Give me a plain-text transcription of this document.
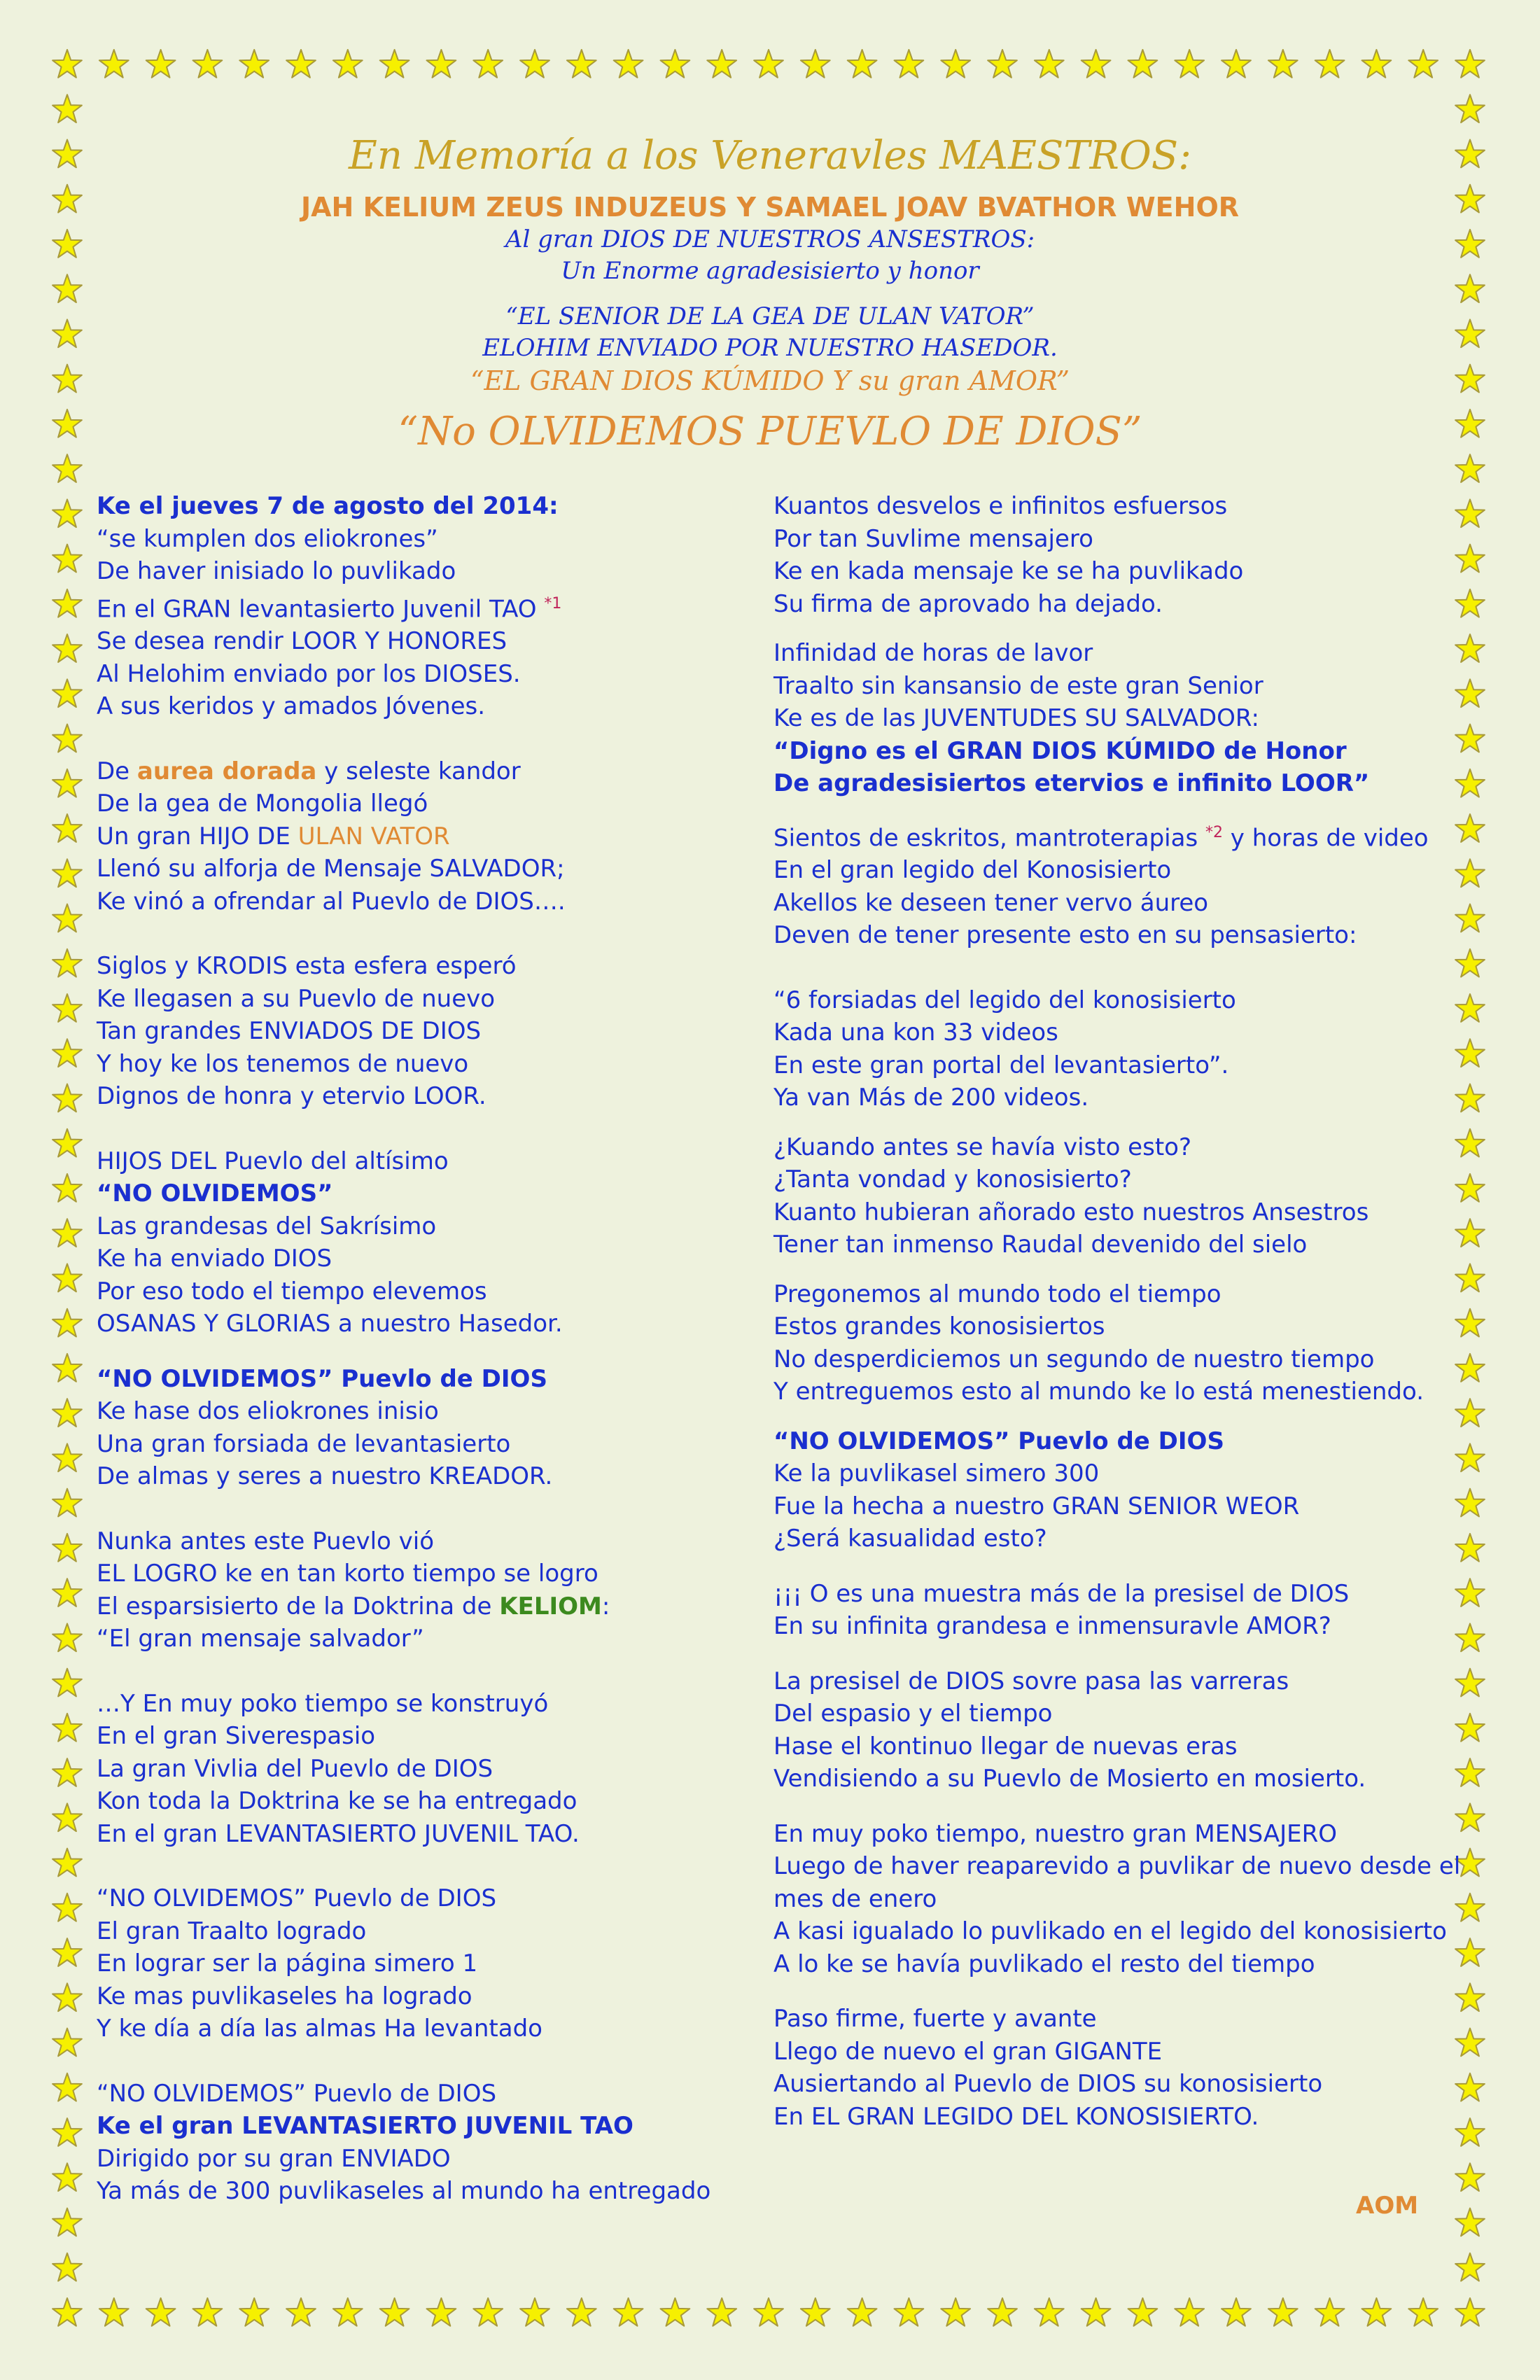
En Memoría a los Veneravles MAESTROS:
JAH KELIUM ZEUS INDUZEUS Y SAMAEL JOAV BVATHOR WEHOR
Al gran DIOS DE NUESTROS ANSESTROS:
Un Enorme agradesisierto y honor
“EL SENIOR DE LA GEA DE ULAN VATOR”
ELOHIM ENVIADO POR NUESTRO HASEDOR.
“EL GRAN DIOS KÚMIDO Y su gran AMOR”
“No OLVIDEMOS PUEVLO DE DIOS”

Ke el jueves 7 de agosto del 2014:

“se kumplen dos eliokrones”

De haver inisiado lo puvlikado

En el GRAN levantasierto Juvenil TAO $^{*1}$

Se desea rendir LOOR Y HONORES

Al Helohim enviado por los DIOSES.

A sus keridos y amados Jóvenes.

De aurea dorada y seleste kandor

De la gea de Mongolia llegó

Un gran HIJO DE ULAN VATOR

Llenó su alforja de Mensaje SALVADOR;

Ke vinó a ofrendar al Puevlo de DIOS….

Siglos y KRODIS esta esfera esperó

Ke llegasen a su Puevlo de nuevo

Tan grandes ENVIADOS DE DIOS

Y hoy ke los tenemos de nuevo

Dignos de honra y etervio LOOR.

HIJOS DEL Puevlo del altísimo

“NO OLVIDEMOS”

Las grandesas del Sakrísimo

Ke ha enviado DIOS

Por eso todo el tiempo elevemos

OSANAS Y GLORIAS a nuestro Hasedor.

“NO OLVIDEMOS” Puevlo de DIOS

Ke hase dos eliokrones inisio

Una gran forsiada de levantasierto

De almas y seres a nuestro KREADOR.

Nunka antes este Puevlo vió

EL LOGRO ke en tan korto tiempo se logro

El esparsisierto de la Doktrina de KELIOM:

“El gran mensaje salvador”

…Y En muy poko tiempo se konstruyó

En el gran Siverespasio

La gran Vivlia del Puevlo de DIOS

Kon toda la Doktrina ke se ha entregado

En el gran LEVANTASIERTO JUVENIL TAO.

“NO OLVIDEMOS” Puevlo de DIOS

El gran Traalto logrado

En lograr ser la página simero 1

Ke mas puvlikaseles ha logrado

Y ke día a día las almas Ha levantado

“NO OLVIDEMOS” Puevlo de DIOS

Ke el gran LEVANTASIERTO JUVENIL TAO

Dirigido por su gran ENVIADO

Ya más de 300 puvlikaseles al mundo ha entregado

Kuantos desvelos e infinitos esfuersos

Por tan Suvlime mensajero

Ke en kada mensaje ke se ha puvlikado

Su firma de aprovado ha dejado.

Infinidad de horas de lavor

Traalto sin kansansio de este gran Senior

Ke es de las JUVENTUDES SU SALVADOR:

“Digno es el GRAN DIOS KÚMIDO de Honor

De agradesisiertos etervios e infinito LOOR”

Sientos de eskritos, mantroterapias $^{*2}$ y horas de video

En el gran legido del Konosisierto

Akellos ke deseen tener vervo áureo

Deven de tener presente esto en su pensasierto:

“6 forsiadas del legido del konosisierto

Kada una kon 33 videos

En este gran portal del levantasierto”.

Ya van Más de 200 videos.

¿Kuando antes se havía visto esto?

¿Tanta vondad y konosisierto?

Kuanto hubieran añorado esto nuestros Ansestros

Tener tan inmenso Raudal devenido del sielo

Pregonemos al mundo todo el tiempo

Estos grandes konosisiertos

No desperdiciemos un segundo de nuestro tiempo

Y entreguemos esto al mundo ke lo está menestiendo.

“NO OLVIDEMOS” Puevlo de DIOS

Ke la puvlikasel simero 300

Fue la hecha a nuestro GRAN SENIOR WEOR

¿Será kasualidad esto?

¡¡¡ O es una muestra más de la presisel de DIOS

En su infinita grandesa e inmensuravle AMOR?

La presisel de DIOS sovre pasa las varreras

Del espasio y el tiempo

Hase el kontinuo llegar de nuevas eras

Vendisiendo a su Puevlo de Mosierto en mosierto.

En muy poko tiempo, nuestro gran MENSAJERO

Luego de haver reaparevido a puvlikar de nuevo desde el mes de enero

A kasi igualado lo puvlikado en el legido del konosisierto

A lo ke se havía puvlikado el resto del tiempo

Paso firme, fuerte y avante

Llego de nuevo el gran GIGANTE

Ausiertando al Puevlo de DIOS su konosisierto

En EL GRAN LEGIDO DEL KONOSISIERTO.

AOM
